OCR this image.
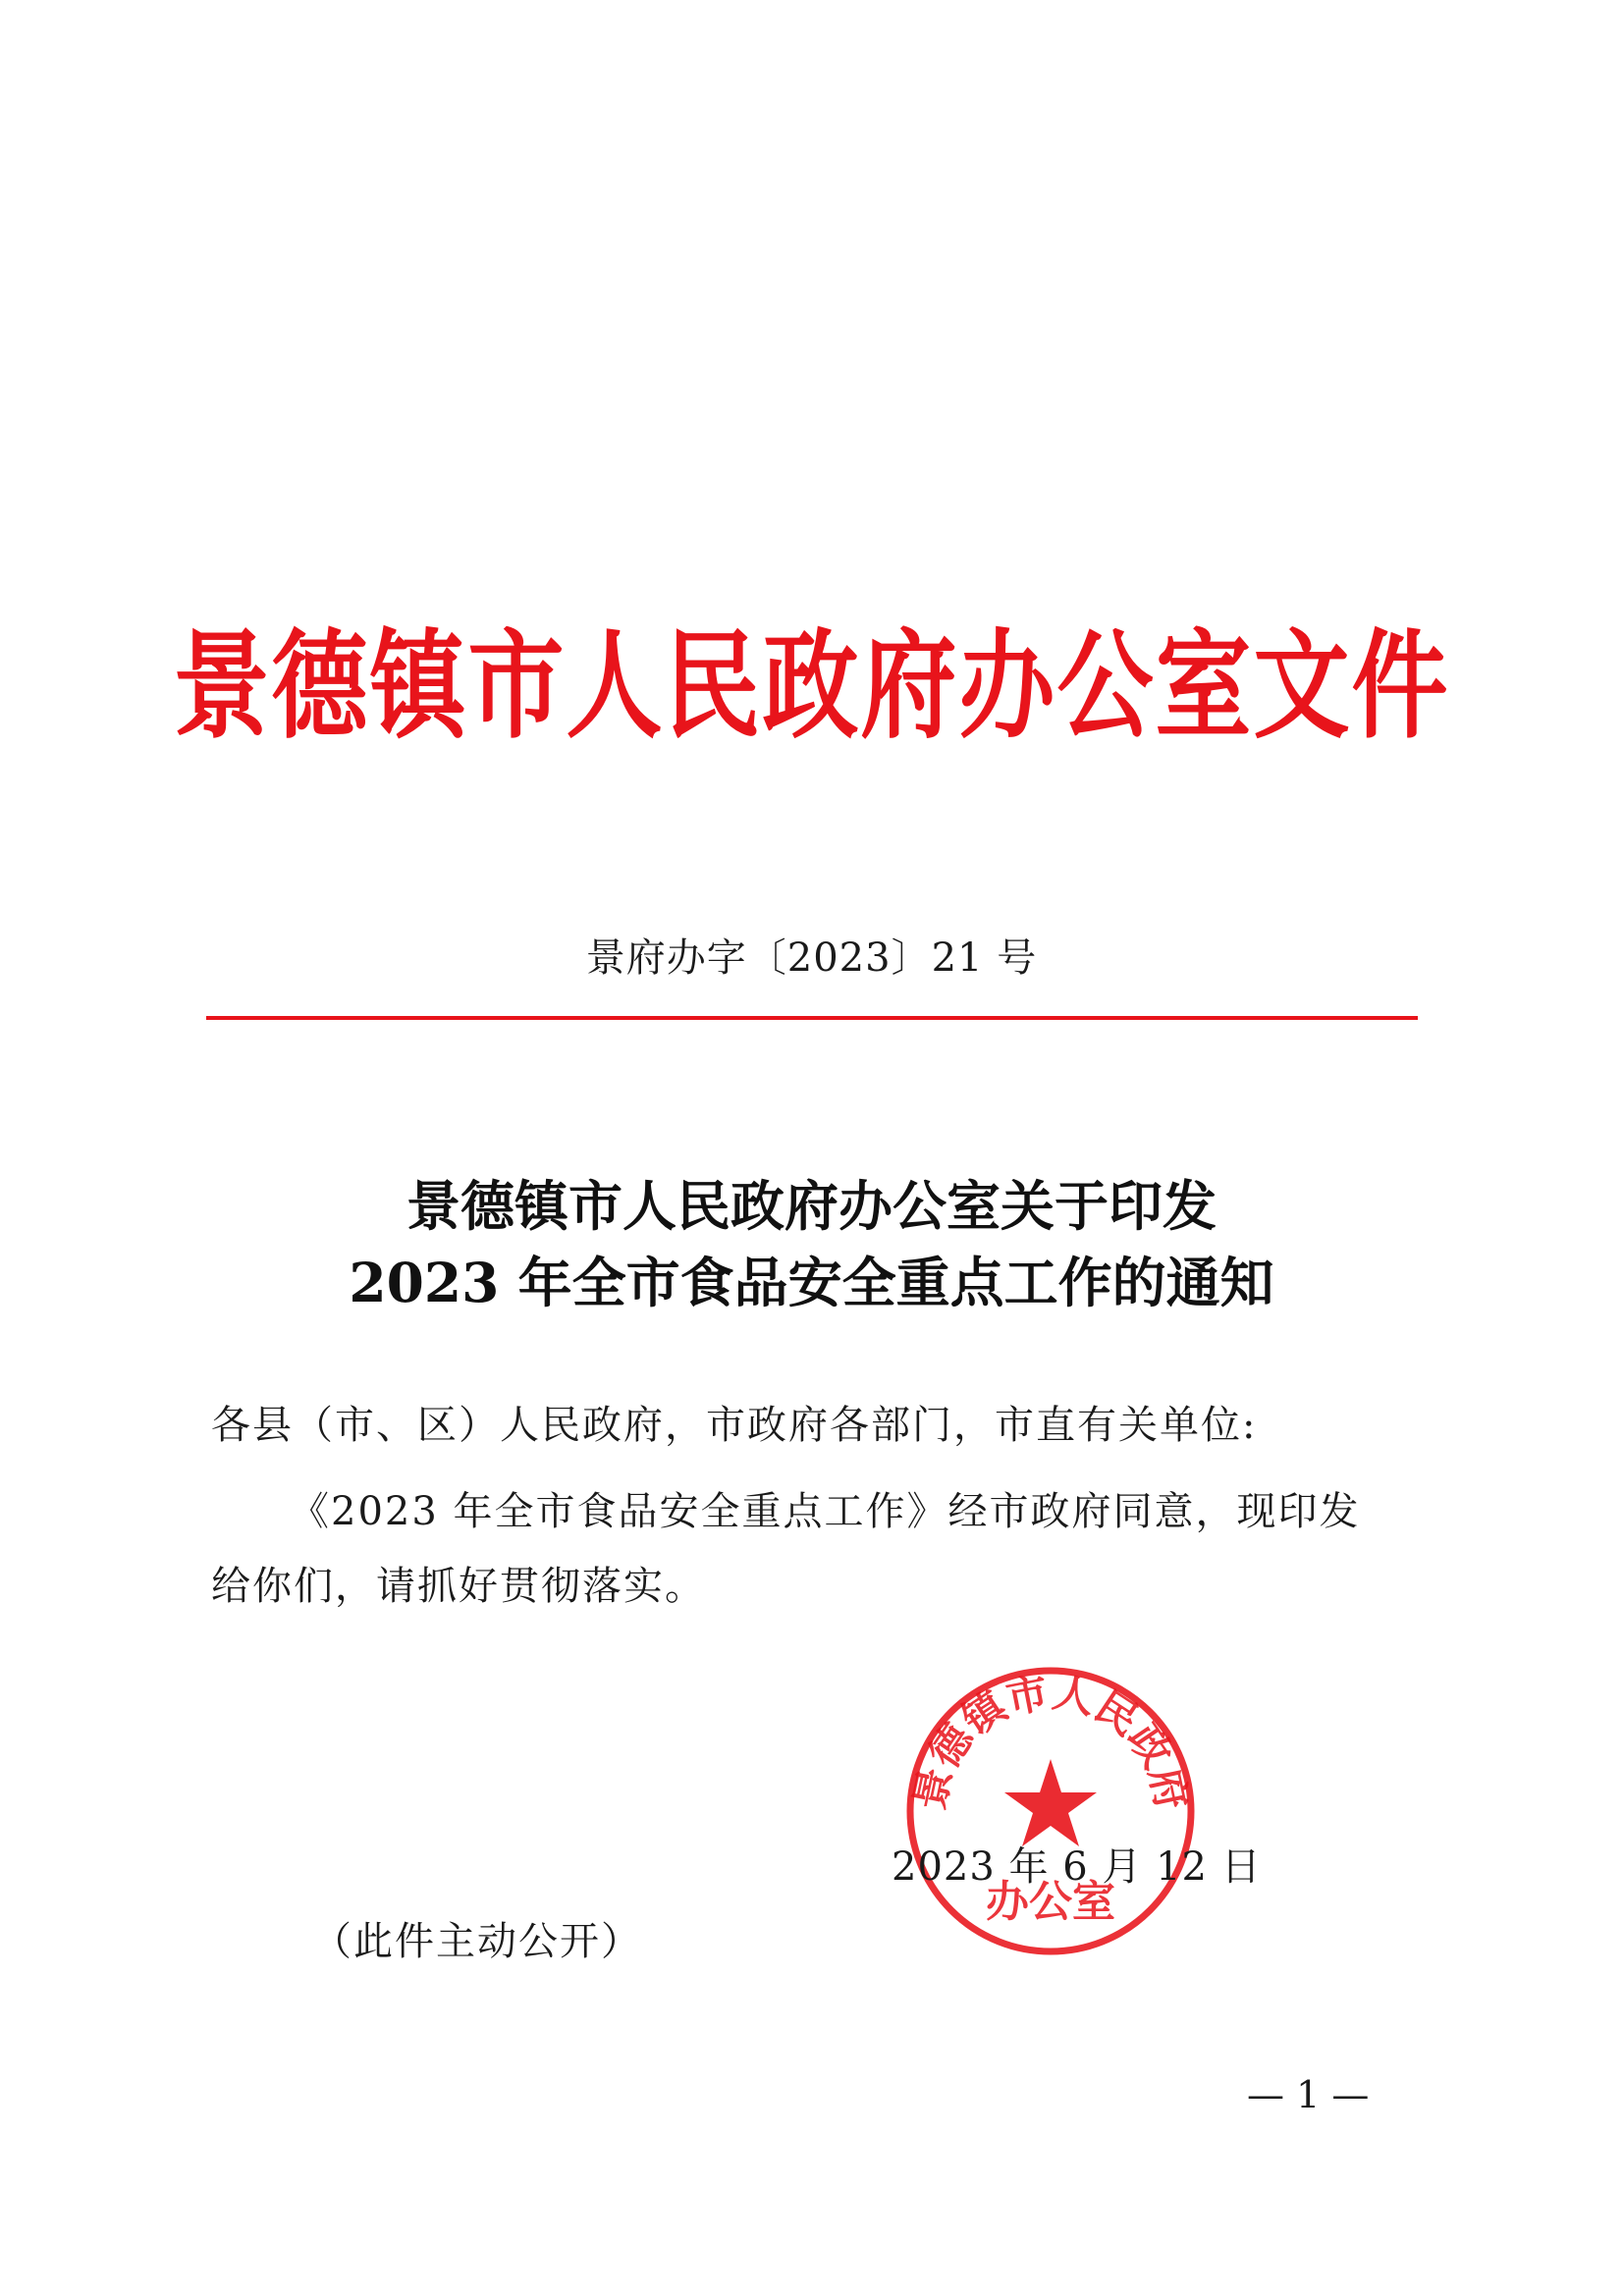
景德镇市人民政府办公室文件
景府办字〔2023〕21 号
景德镇市人民政府办公室关于印发
2023 年全市食品安全重点工作的通知
各县（市、区）人民政府，市政府各部门，市直有关单位:
《2023 年全市食品安全重点工作》经市政府同意，现印发
给你们，请抓好贯彻落实。
景德镇市人民政府
办公室
2023 年 6 月 12 日
（此件主动公开）
— 1 —
